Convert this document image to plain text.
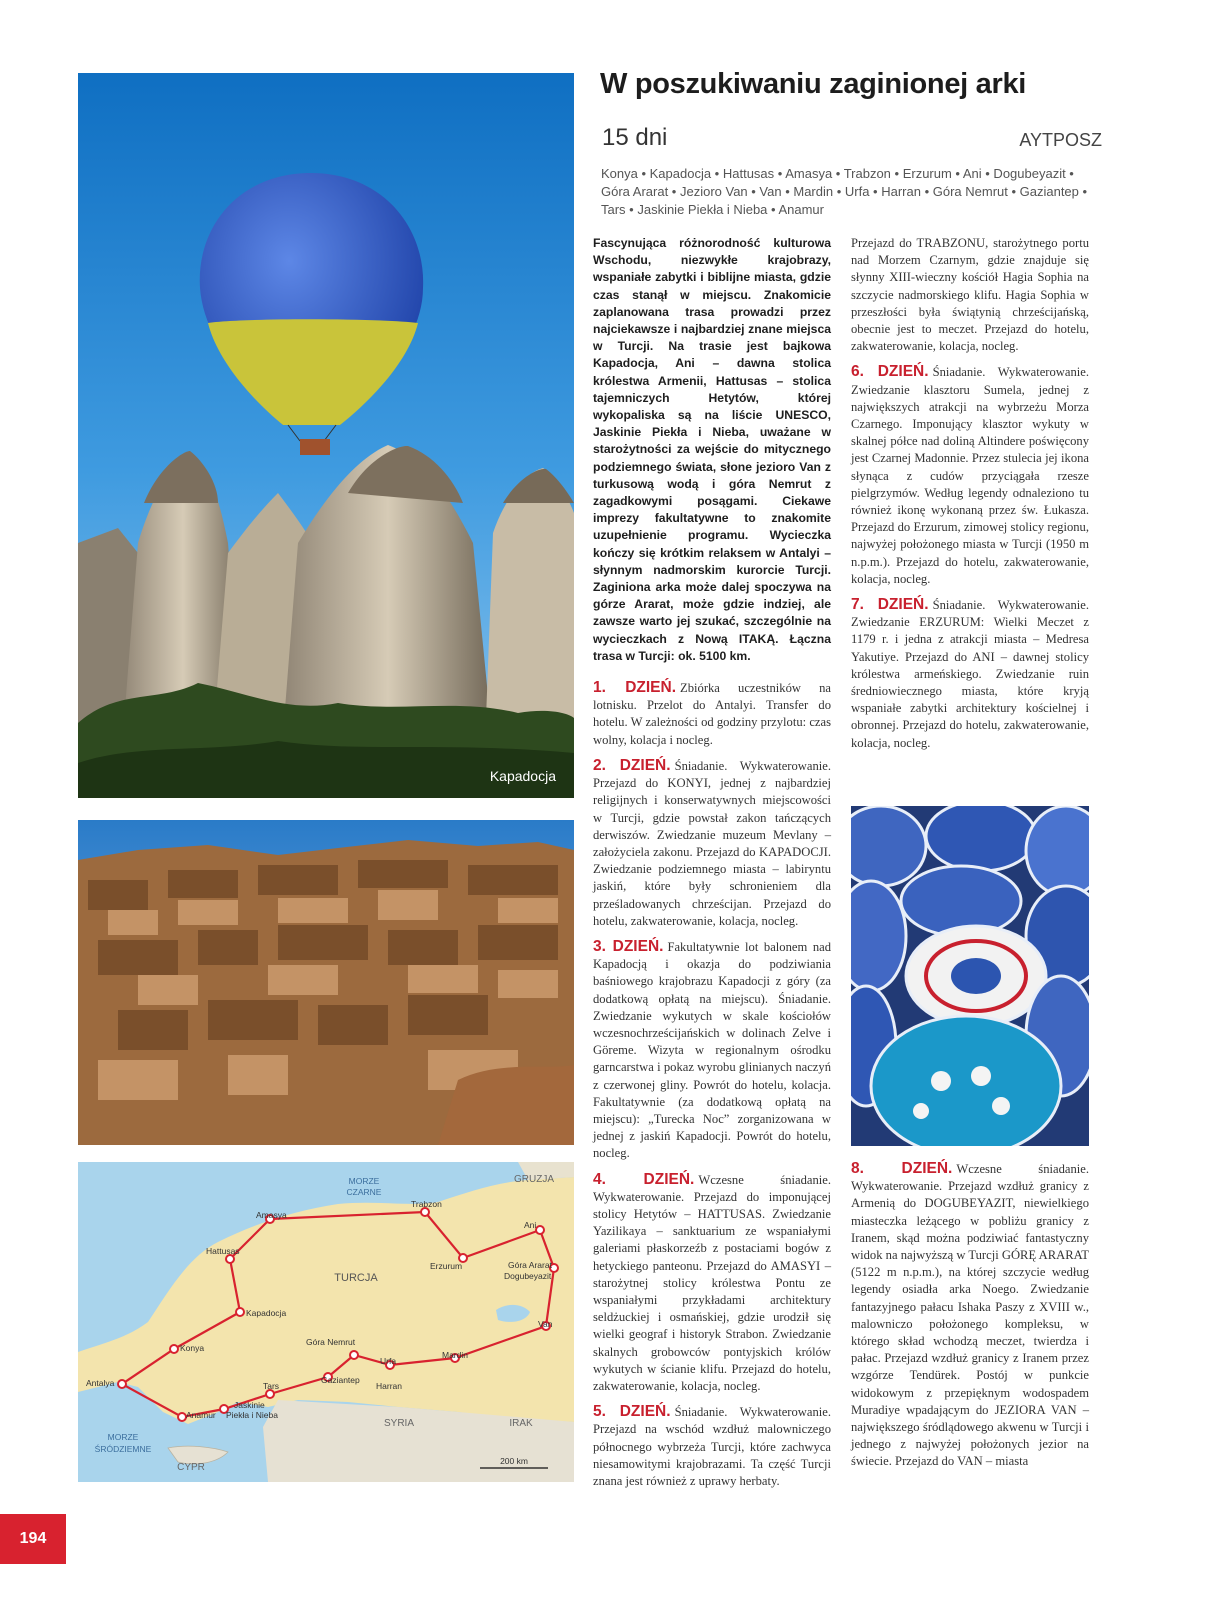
Kapadocja
MORZE
CZARNE
MORZE
ŚRÓDZIEMNE
TURCJA
GRUZJA
SYRIA	IRAK
CYPR
Antalya
Konya
Kapadocja
Hattusas
Amasya
Trabzon
Erzurum
Ani
Góra Ararat
Dogubeyazit
Van
Mardin
Urfa
Harran
Góra Nemrut
Gaziantep
Tars
Jaskinie
Piekła i Nieba
Anamur
200 km
W poszukiwaniu zaginionej arki
15 dni	AYTPOSZ
Konya • Kapadocja • Hattusas • Amasya • Trabzon • Erzurum • Ani • Dogubeyazit • Góra Ararat • Jezioro Van • Van • Mardin • Urfa • Harran • Góra Nemrut • Gaziantep • Tars • Jaskinie Piekła i Nieba • Anamur
Fascynująca różnorodność kulturowa Wschodu, niezwykłe krajobrazy, wspaniałe zabytki i biblijne miasta, gdzie czas stanął w miejscu. Znakomicie zaplanowana trasa prowadzi przez najciekawsze i najbardziej znane miejsca w Turcji. Na trasie jest bajkowa Kapadocja, Ani – dawna stolica królestwa Armenii, Hattusas – stolica tajemniczych Hetytów, której wykopaliska są na liście UNESCO, Jaskinie Piekła i Nieba, uważane w starożytności za wejście do mitycznego podziemnego świata, słone jezioro Van z turkusową wodą i góra Nemrut z zagadkowymi posągami. Ciekawe imprezy fakultatywne to znakomite uzupełnienie programu. Wycieczka kończy się krótkim relaksem w Antalyi – słynnym nadmorskim kurorcie Turcji. Zaginiona arka może dalej spoczywa na górze Ararat, może gdzie indziej, ale zawsze warto jej szukać, szczególnie na wycieczkach z Nową ITAKĄ. Łączna trasa w Turcji: ok. 5100 km.
1. DZIEŃ. Zbiórka uczestników na lotnisku. Przelot do Antalyi. Transfer do hotelu. W zależności od godziny przylotu: czas wolny, kolacja i nocleg.
2. DZIEŃ. Śniadanie. Wykwaterowanie. Przejazd do KONYI, jednej z najbardziej religijnych i konserwatywnych miejscowości w Turcji, gdzie powstał zakon tańczących derwiszów. Zwiedzanie muzeum Mevlany – założyciela zakonu. Przejazd do KAPADOCJI. Zwiedzanie podziemnego miasta – labiryntu jaskiń, które były schronieniem dla prześladowanych chrześcijan. Przejazd do hotelu, zakwaterowanie, kolacja, nocleg.
3. DZIEŃ. Fakultatywnie lot balonem nad Kapadocją i okazja do podziwiania baśniowego krajobrazu Kapadocji z góry (za dodatkową opłatą na miejscu). Śniadanie. Zwiedzanie wykutych w skale kościołów wczesnochrześcijańskich w dolinach Zelve i Göreme. Wizyta w regionalnym ośrodku garncarstwa i pokaz wyrobu glinianych naczyń z czerwonej gliny. Powrót do hotelu, kolacja. Fakultatywnie (za dodatkową opłatą na miejscu): „Turecka Noc” zorganizowana w jednej z jaskiń Kapadocji. Powrót do hotelu, nocleg.
4. DZIEŃ. Wczesne śniadanie. Wykwaterowanie. Przejazd do imponującej stolicy Hetytów – HATTUSAS. Zwiedzanie Yazilikaya – sanktuarium ze wspaniałymi galeriami płaskorzeźb z postaciami bogów z hetyckiego panteonu. Przejazd do AMASYI – starożytnej stolicy królestwa Pontu ze wspaniałymi przykładami architektury seldżuckiej i osmańskiej, gdzie urodził się wielki geograf i historyk Strabon. Zwiedzanie skalnych grobowców pontyjskich królów wykutych w ścianie klifu. Przejazd do hotelu, zakwaterowanie, kolacja, nocleg.
5. DZIEŃ. Śniadanie. Wykwaterowanie. Przejazd na wschód wzdłuż malowniczego północnego wybrzeża Turcji, które zachwyca niesamowitymi krajobrazami. Ta część Turcji znana jest również z uprawy herbaty.
Przejazd do TRABZONU, starożytnego portu nad Morzem Czarnym, gdzie znajduje się słynny XIII-wieczny kościół Hagia Sophia na szczycie nadmorskiego klifu. Hagia Sophia w przeszłości była świątynią chrześcijańską, obecnie jest to meczet. Przejazd do hotelu, zakwaterowanie, kolacja, nocleg.
6. DZIEŃ. Śniadanie. Wykwaterowanie. Zwiedzanie klasztoru Sumela, jednej z największych atrakcji na wybrzeżu Morza Czarnego. Imponujący klasztor wykuty w skalnej półce nad doliną Altindere poświęcony jest Czarnej Madonnie. Przez stulecia jej ikona słynąca z cudów przyciągała rzesze pielgrzymów. Według legendy odnaleziono tu również ikonę wykonaną przez św. Łukasza. Przejazd do Erzurum, zimowej stolicy regionu, najwyżej położonego miasta w Turcji (1950 m n.p.m.). Przejazd do hotelu, zakwaterowanie, kolacja, nocleg.
7. DZIEŃ. Śniadanie. Wykwaterowanie. Zwiedzanie ERZURUM: Wielki Meczet z 1179 r. i jedna z atrakcji miasta – Medresa Yakutiye. Przejazd do ANI – dawnej stolicy królestwa armeńskiego. Zwiedzanie ruin średniowiecznego miasta, które kryją wspaniałe zabytki architektury kościelnej i obronnej. Przejazd do hotelu, zakwaterowanie, kolacja, nocleg.
8. DZIEŃ. Wczesne śniadanie. Wykwaterowanie. Przejazd wzdłuż granicy z Armenią do DOGUBEYAZIT, niewielkiego miasteczka leżącego w pobliżu granicy z Iranem, skąd można podziwiać fantastyczny widok na najwyższą w Turcji GÓRĘ ARARAT (5122 m n.p.m.), na której szczycie według legendy osiadła arka Noego. Zwiedzanie fantazyjnego pałacu Ishaka Paszy z XVIII w., malowniczo położonego kompleksu, w którego skład wchodzą meczet, twierdza i pałac. Przejazd wzdłuż granicy z Iranem przez wzgórze Tendürek. Postój w punkcie widokowym z przepięknym wodospadem Muradiye wpadającym do JEZIORA VAN – największego śródlądowego akwenu w Turcji i jednego z najwyżej położonych jezior na świecie. Przejazd do VAN – miasta
194
